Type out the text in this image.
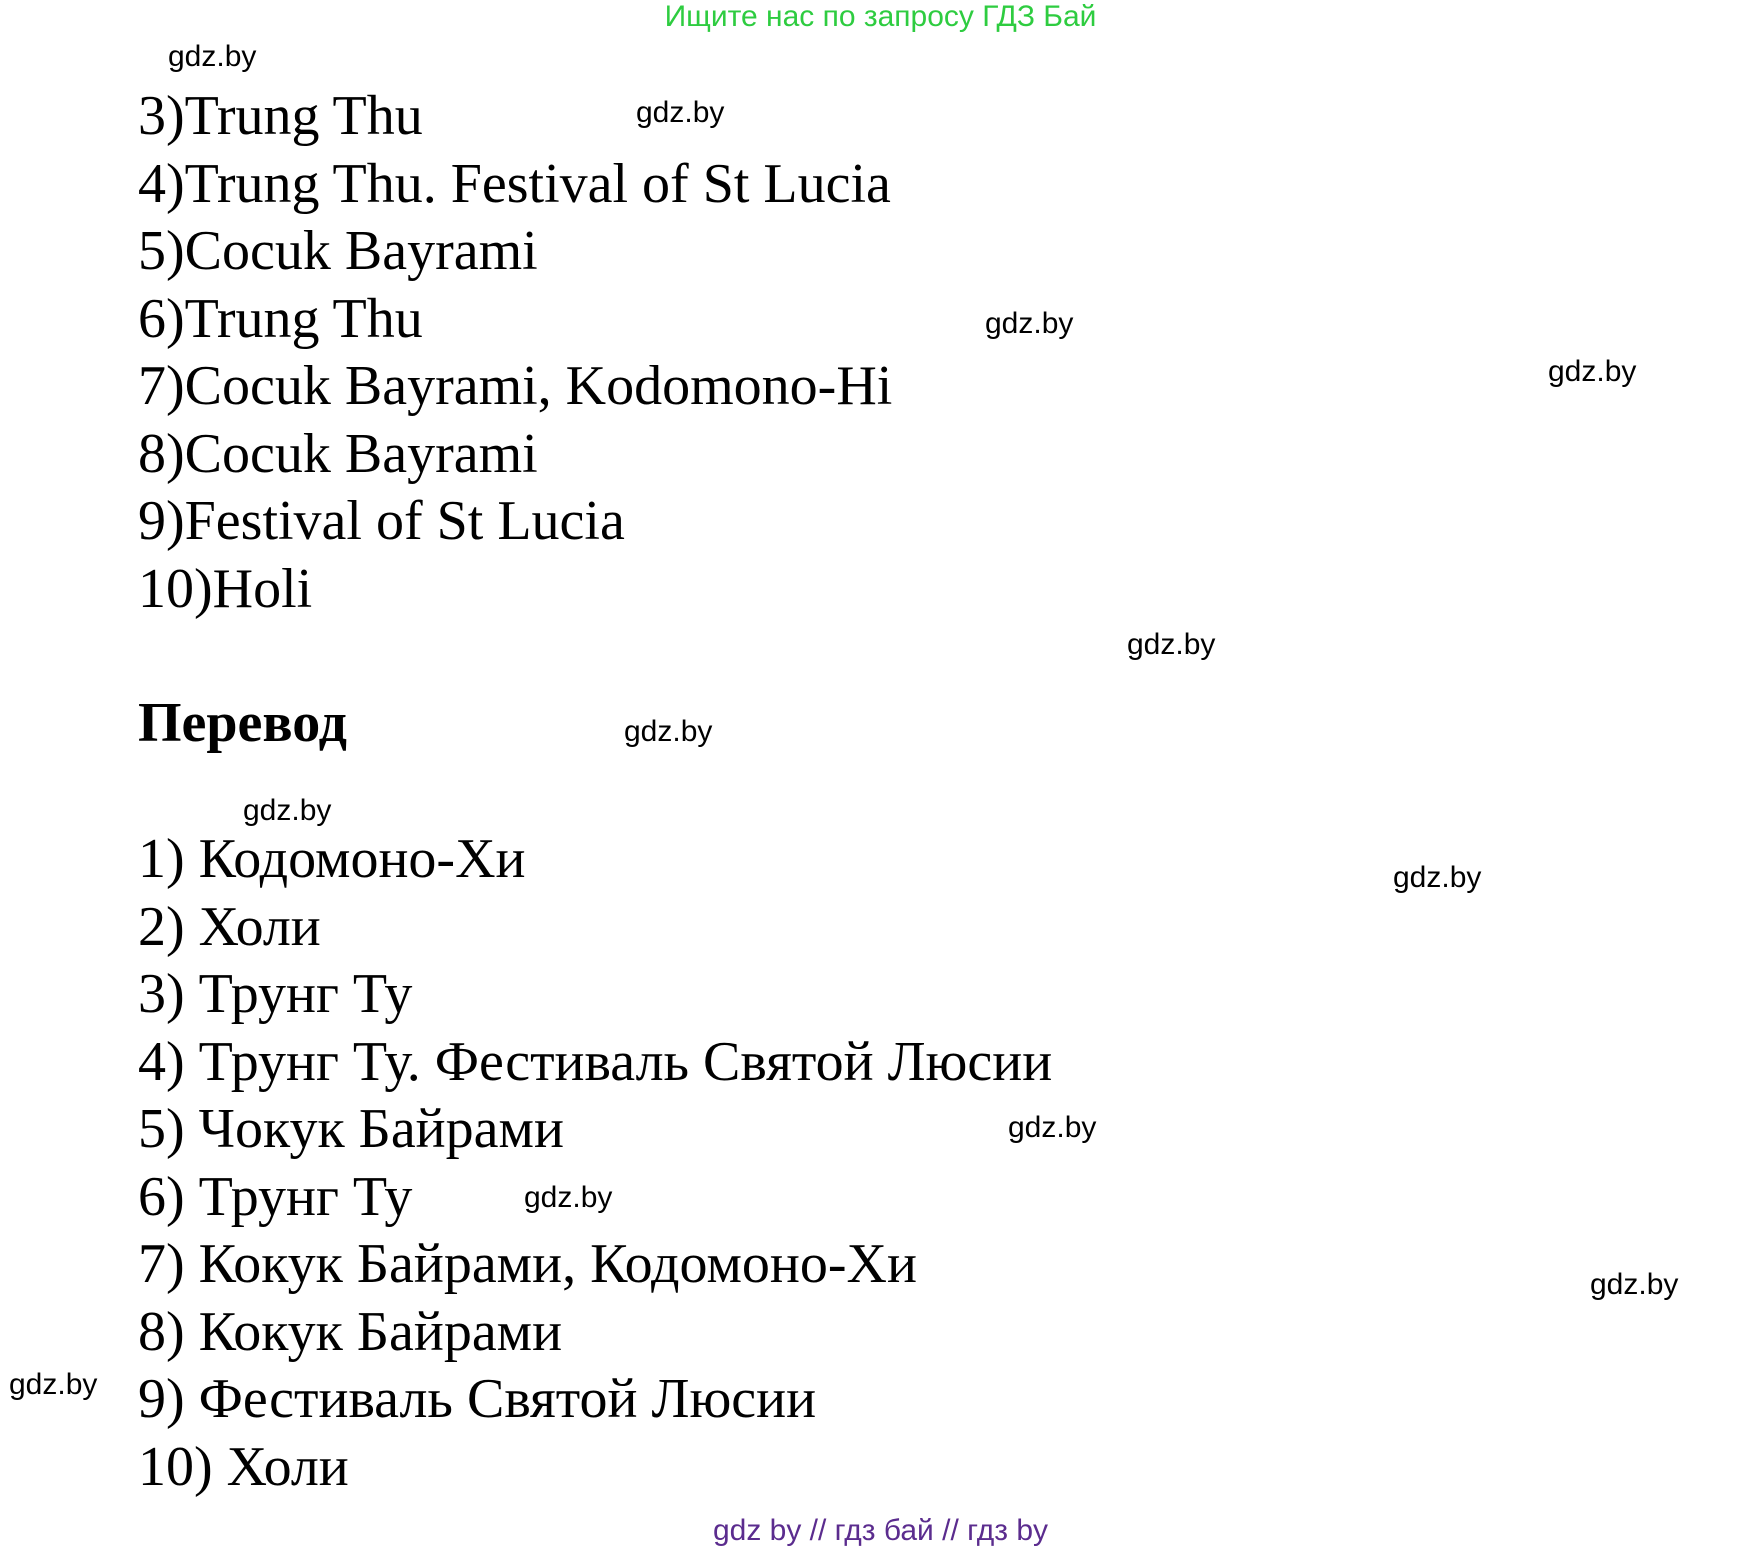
Ищите нас по запросу ГДЗ Бай
3)Trung Thu
4)Trung Thu. Festival of St Lucia
5)Cocuk Bayrami
6)Trung Thu
7)Cocuk Bayrami, Kodomono-Hi
8)Cocuk Bayrami
9)Festival of St Lucia
10)Holi
Перевод
1) Кодомоно-Хи
2) Холи
3) Трунг Ту
4) Трунг Ту. Фестиваль Святой Люсии
5) Чокук Байрами
6) Трунг Ту
7) Кокук Байрами, Кодомоно-Хи
8) Кокук Байрами
9) Фестиваль Святой Люсии
10) Холи
gdz.by
gdz.by
gdz.by
gdz.by
gdz.by
gdz.by
gdz.by
gdz.by
gdz.by
gdz.by
gdz.by
gdz.by
gdz by // гдз бай // гдз by
